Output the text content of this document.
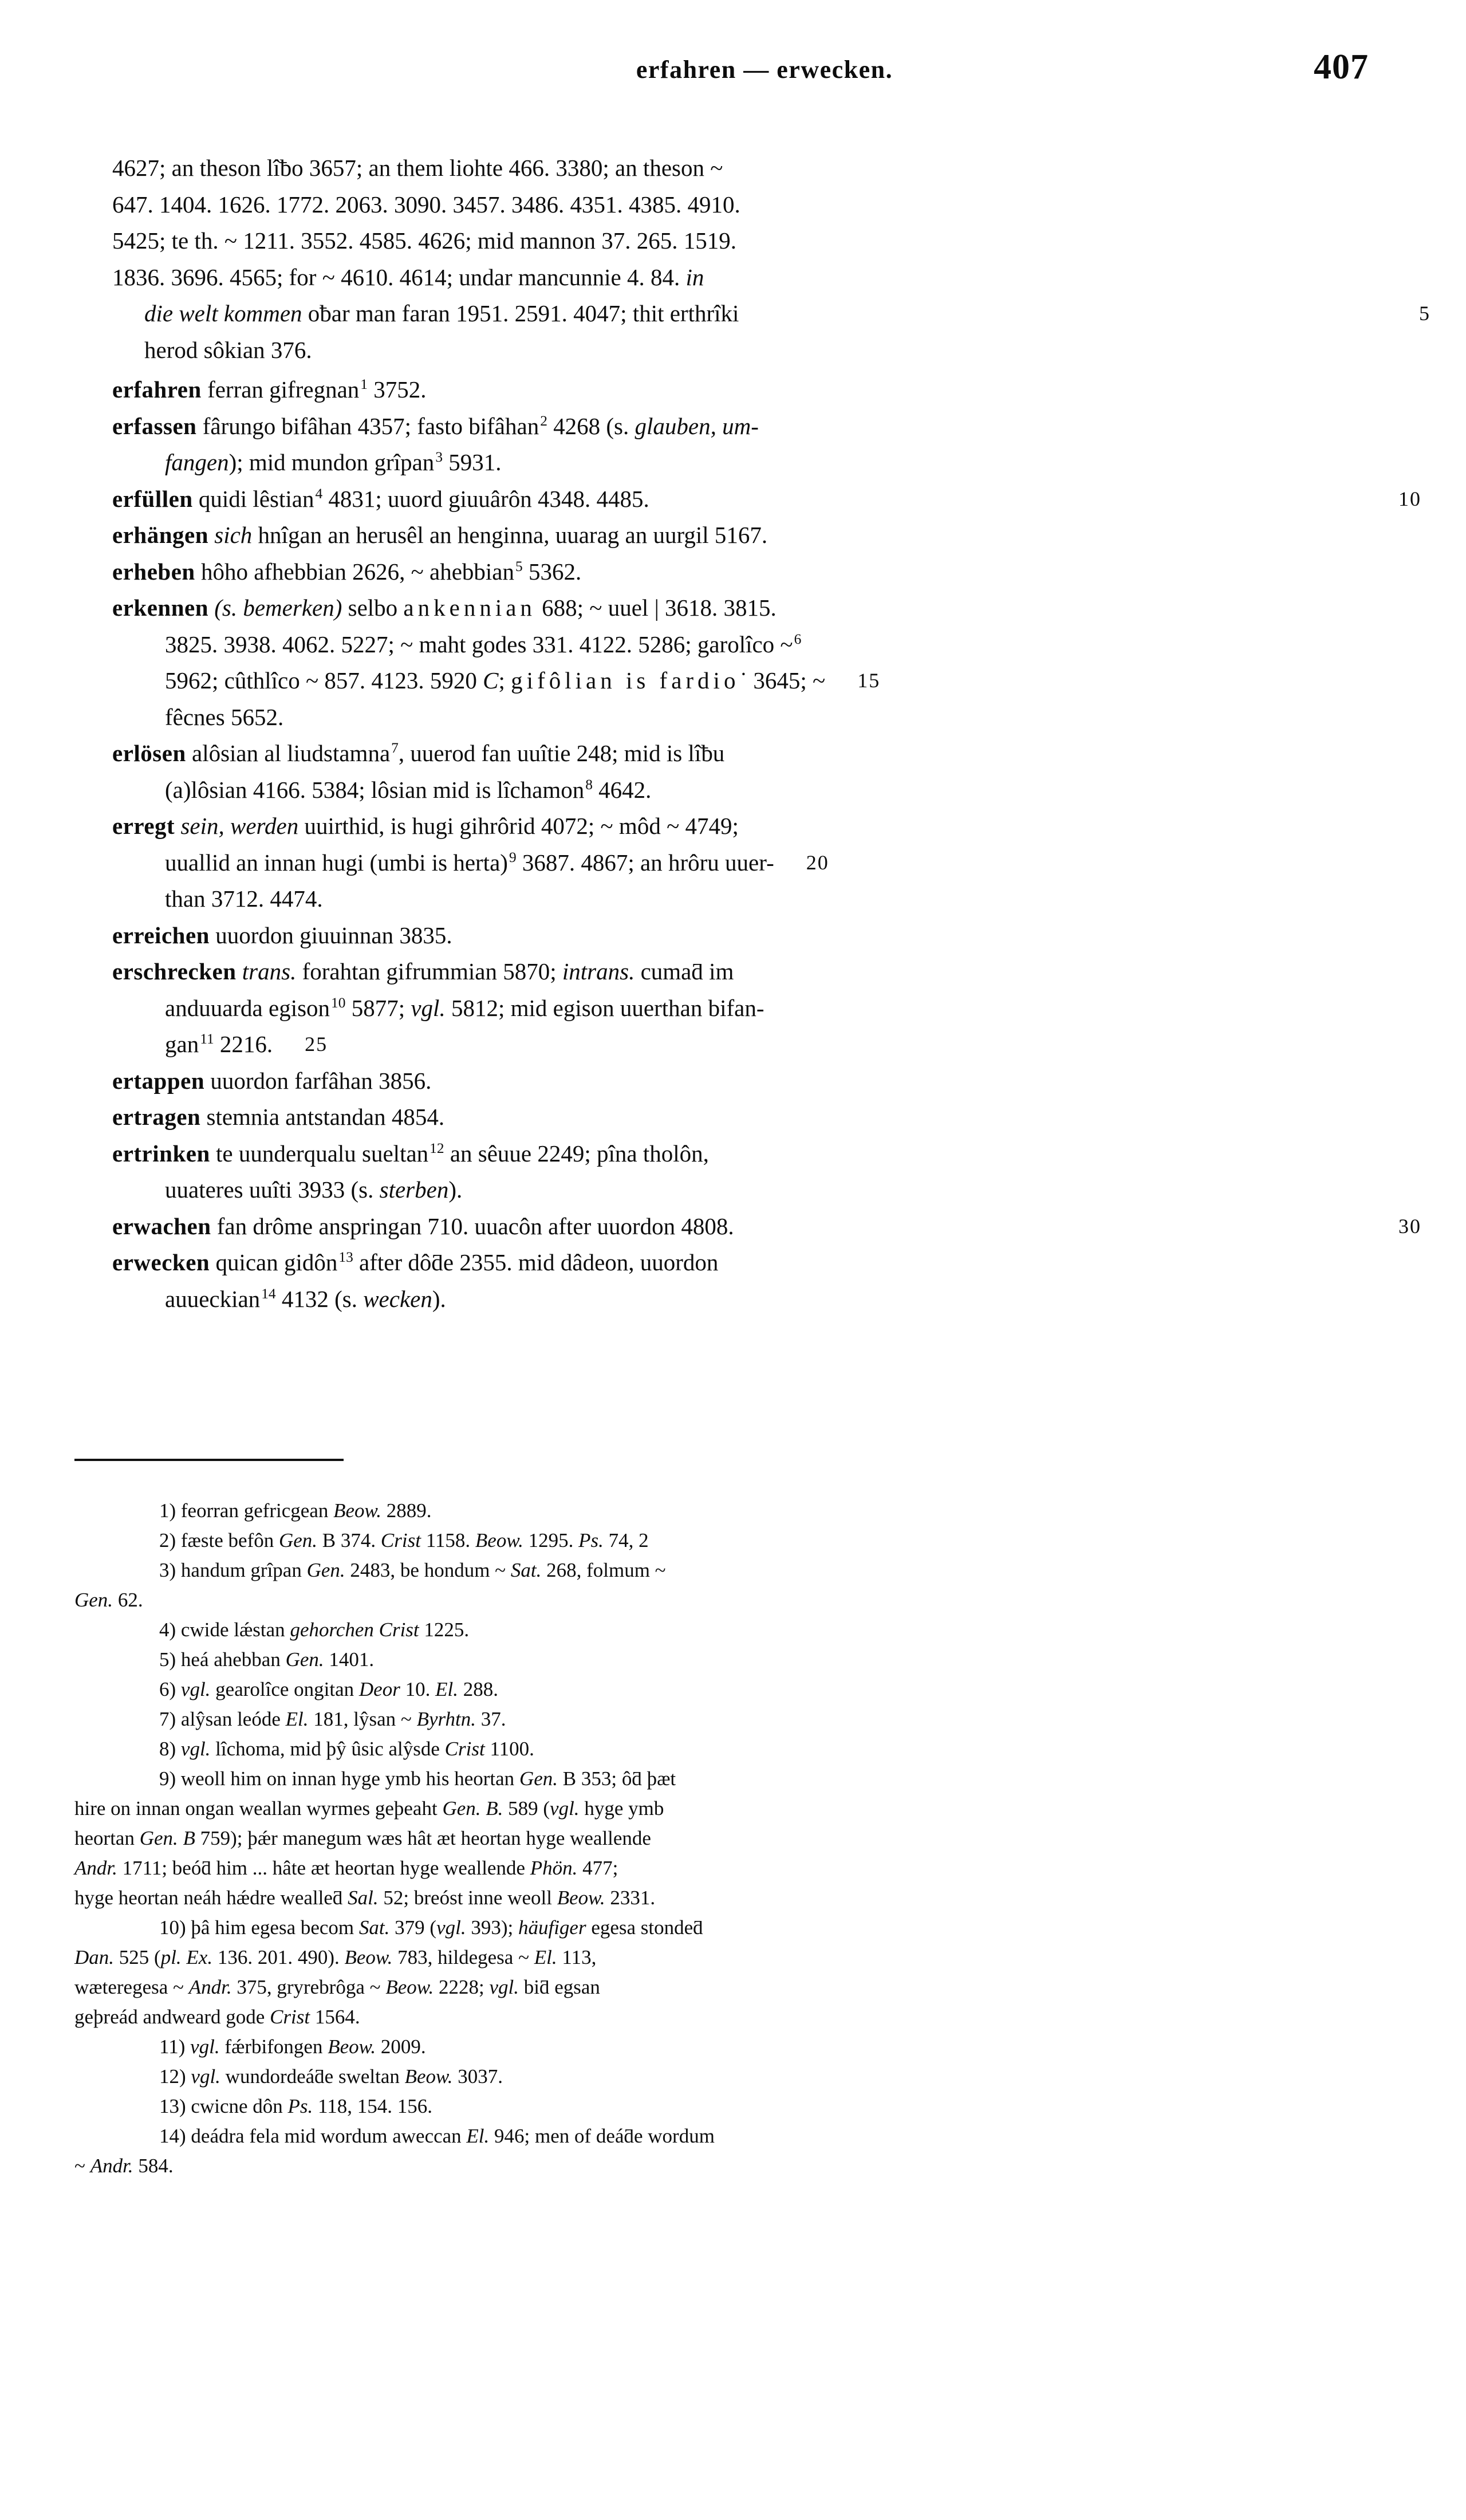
erfahren — erwecken.	407
4627; an theson lîƀo 3657; an them liohte 466. 3380; an theson ~
647. 1404. 1626. 1772. 2063. 3090. 3457. 3486. 4351. 4385. 4910.
5425; te th. ~ 1211. 3552. 4585. 4626; mid mannon 37. 265. 1519.
1836. 3696. 4565; for ~ 4610. 4614; undar mancunnie 4. 84. in
die welt kommen oƀar man faran 1951. 2591. 4047; thit erthrîki	5
herod sôkian 376.

erfahren ferran gifregnan$^1$ 3752.

erfassen fârungo bifâhan 4357; fasto bifâhan$^2$ 4268 (s. glauben, um-
fangen); mid mundon grîpan$^3$ 5931.

erfüllen quidi lêstian$^4$ 4831; uuord giuuârôn 4348. 4485.	10

erhängen sich hnîgan an herusêl an henginna, uuarag an uurgil 5167.

erheben hôho afhebbian 2626, ~ ahebbian$^5$ 5362.

erkennen (s. bemerken) selbo ankennian 688; ~ uuel | 3618. 3815.
3825. 3938. 4062. 5227; ~ maht godes 331. 4122. 5286; garolîco ~$^6$
5962; cûthlîco ~ 857. 4123. 5920 C; gifôlian is fardio˙ 3645; ~ 15

fêcnes 5652.

erlösen alôsian al liudstamna$^7$, uuerod fan uuîtie 248; mid is lîƀu
(a)lôsian 4166. 5384; lôsian mid is lîchamon$^8$ 4642.

erregt sein, werden uuirthid, is hugi gihrôrid 4072; ~ môd ~ 4749;
uuallid an innan hugi (umbi is herta)$^9$ 3687. 4867; an hrôru uuer- 20

than 3712. 4474.

erreichen uuordon giuuinnan 3835.

erschrecken trans. forahtan gifrummian 5870; intrans. cumaƌ im
anduuarda egison$^{10}$ 5877; vgl. 5812; mid egison uuerthan bifan-
gan$^{11}$ 2216. 25

ertappen uuordon farfâhan 3856.

ertragen stemnia antstandan 4854.

ertrinken te uunderqualu sueltan$^{12}$ an sêuue 2249; pîna tholôn,
uuateres uuîti 3933 (s. sterben).

erwachen fan drôme anspringan 710. uuacôn after uuordon 4808.	30

erwecken quican gidôn$^{13}$ after dôƌe 2355. mid dâdeon, uuordon
auueckian$^{14}$ 4132 (s. wecken).

1) feorran gefricgean Beow. 2889.

2) fæste befôn Gen. B 374. Crist 1158. Beow. 1295. Ps. 74, 2

3) handum grîpan Gen. 2483, be hondum ~ Sat. 268, folmum ~
Gen. 62.

4) cwide lǽstan gehorchen Crist 1225.

5) heá ahebban Gen. 1401.

6) vgl. gearolîce ongitan Deor 10. El. 288.

7) alŷsan leóde El. 181, lŷsan ~ Byrhtn. 37.

8) vgl. lîchoma, mid þŷ ûsic alŷsde Crist 1100.

9) weoll him on innan hyge ymb his heortan Gen. B 353; ôƌ þæt
hire on innan ongan weallan wyrmes geþeaht Gen. B. 589 (vgl. hyge ymb
heortan Gen. B 759); þǽr manegum wæs hât æt heortan hyge weallende
Andr. 1711; beóƌ him ... hâte æt heortan hyge weallende Phön. 477;
hyge heortan neáh hǽdre wealleƌ Sal. 52; breóst inne weoll Beow. 2331.

10) þâ him egesa becom Sat. 379 (vgl. 393); häufiger egesa stondeƌ
Dan. 525 (pl. Ex. 136. 201. 490). Beow. 783, hildegesa ~ El. 113,
wæteregesa ~ Andr. 375, gryrebrôga ~ Beow. 2228; vgl. biƌ egsan
geþreád andweard gode Crist 1564.

11) vgl. fǽrbifongen Beow. 2009.

12) vgl. wundordeáƌe sweltan Beow. 3037.

13) cwicne dôn Ps. 118, 154. 156.

14) deádra fela mid wordum aweccan El. 946; men of deáƌe wordum
~ Andr. 584.
